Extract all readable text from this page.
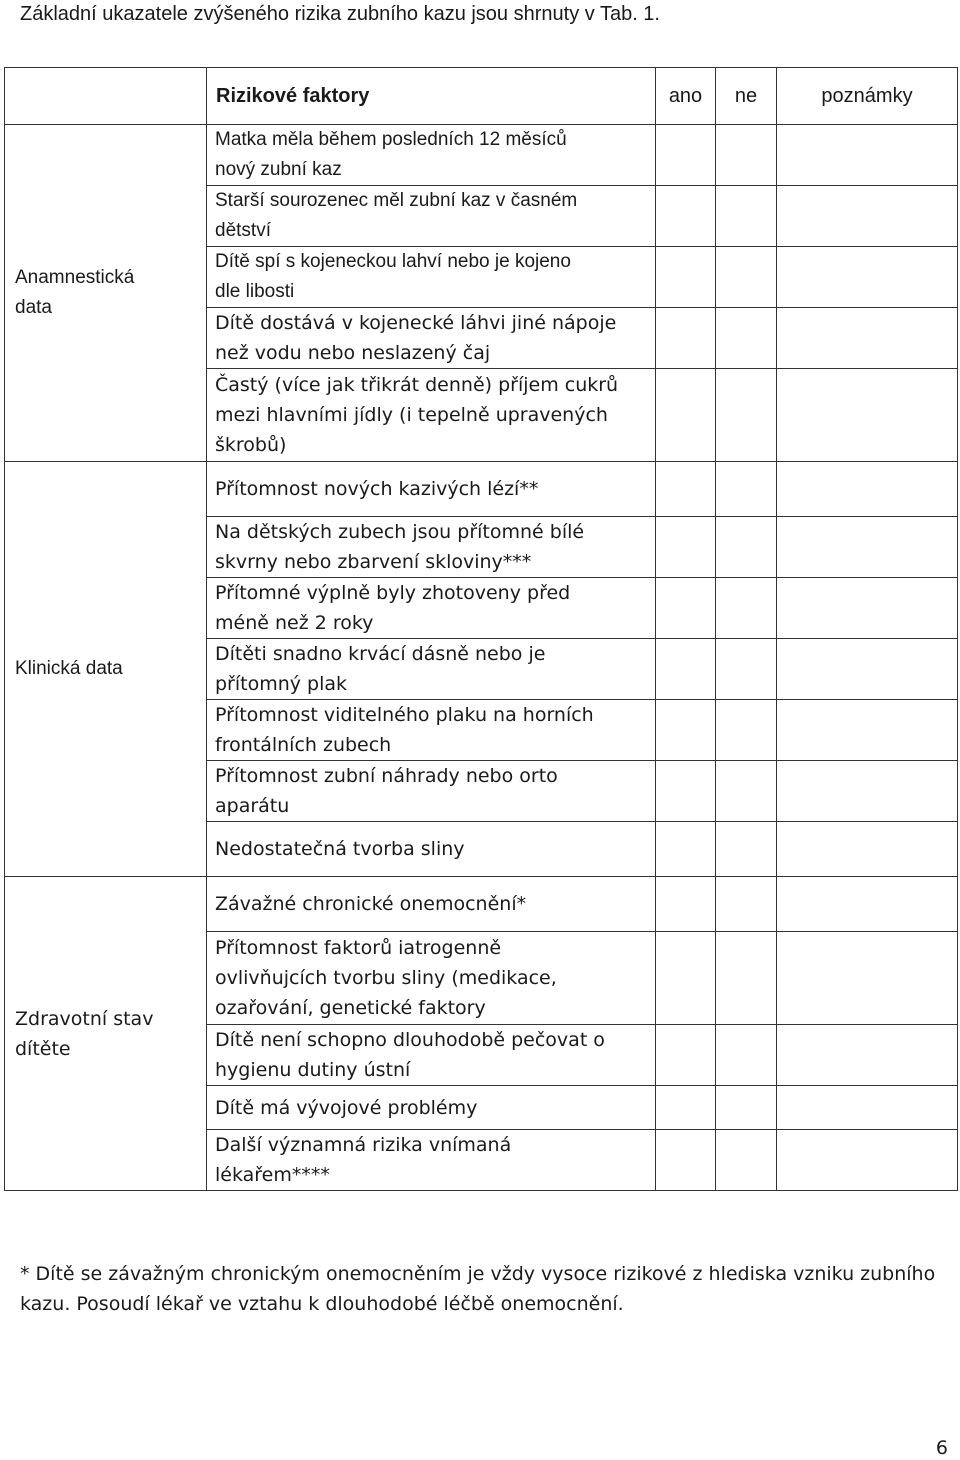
Základní ukazatele zvýšeného rizika zubního kazu jsou shrnuty v Tab. 1.
	Rizikové faktory	ano	ne	poznámky
Anamnestická
data	Matka měla během posledních 12 měsíců
nový zubní kaz			
	Starší sourozenec měl zubní kaz v časném
dětství			
	Dítě spí s kojeneckou lahví nebo je kojeno
dle libosti			
	Dítě dostává v kojenecké láhvi jiné nápoje
než vodu nebo neslazený čaj			
	Častý (více jak třikrát denně) příjem cukrů
mezi hlavními jídly (i tepelně upravených
škrobů)			
Klinická data	Přítomnost nových kazivých lézí**			
	Na dětských zubech jsou přítomné bílé
skvrny nebo zbarvení skloviny***			
	Přítomné výplně byly zhotoveny před
méně než 2 roky			
	Dítěti snadno krvácí dásně nebo je
přítomný plak			
	Přítomnost viditelného plaku na horních
frontálních zubech			
	Přítomnost zubní náhrady nebo orto
aparátu			
	Nedostatečná tvorba sliny			
Zdravotní stav
dítěte	Závažné chronické onemocnění*			
	Přítomnost faktorů iatrogenně
ovlivňujcích tvorbu sliny (medikace,
ozařování, genetické faktory			
	Dítě není schopno dlouhodobě pečovat o
hygienu dutiny ústní			
	Dítě má vývojové problémy			
	Další významná rizika vnímaná
lékařem****			
* Dítě se závažným chronickým onemocněním je vždy vysoce rizikové z hlediska vzniku zubního kazu. Posoudí lékař ve vztahu k dlouhodobé léčbě onemocnění.
6
